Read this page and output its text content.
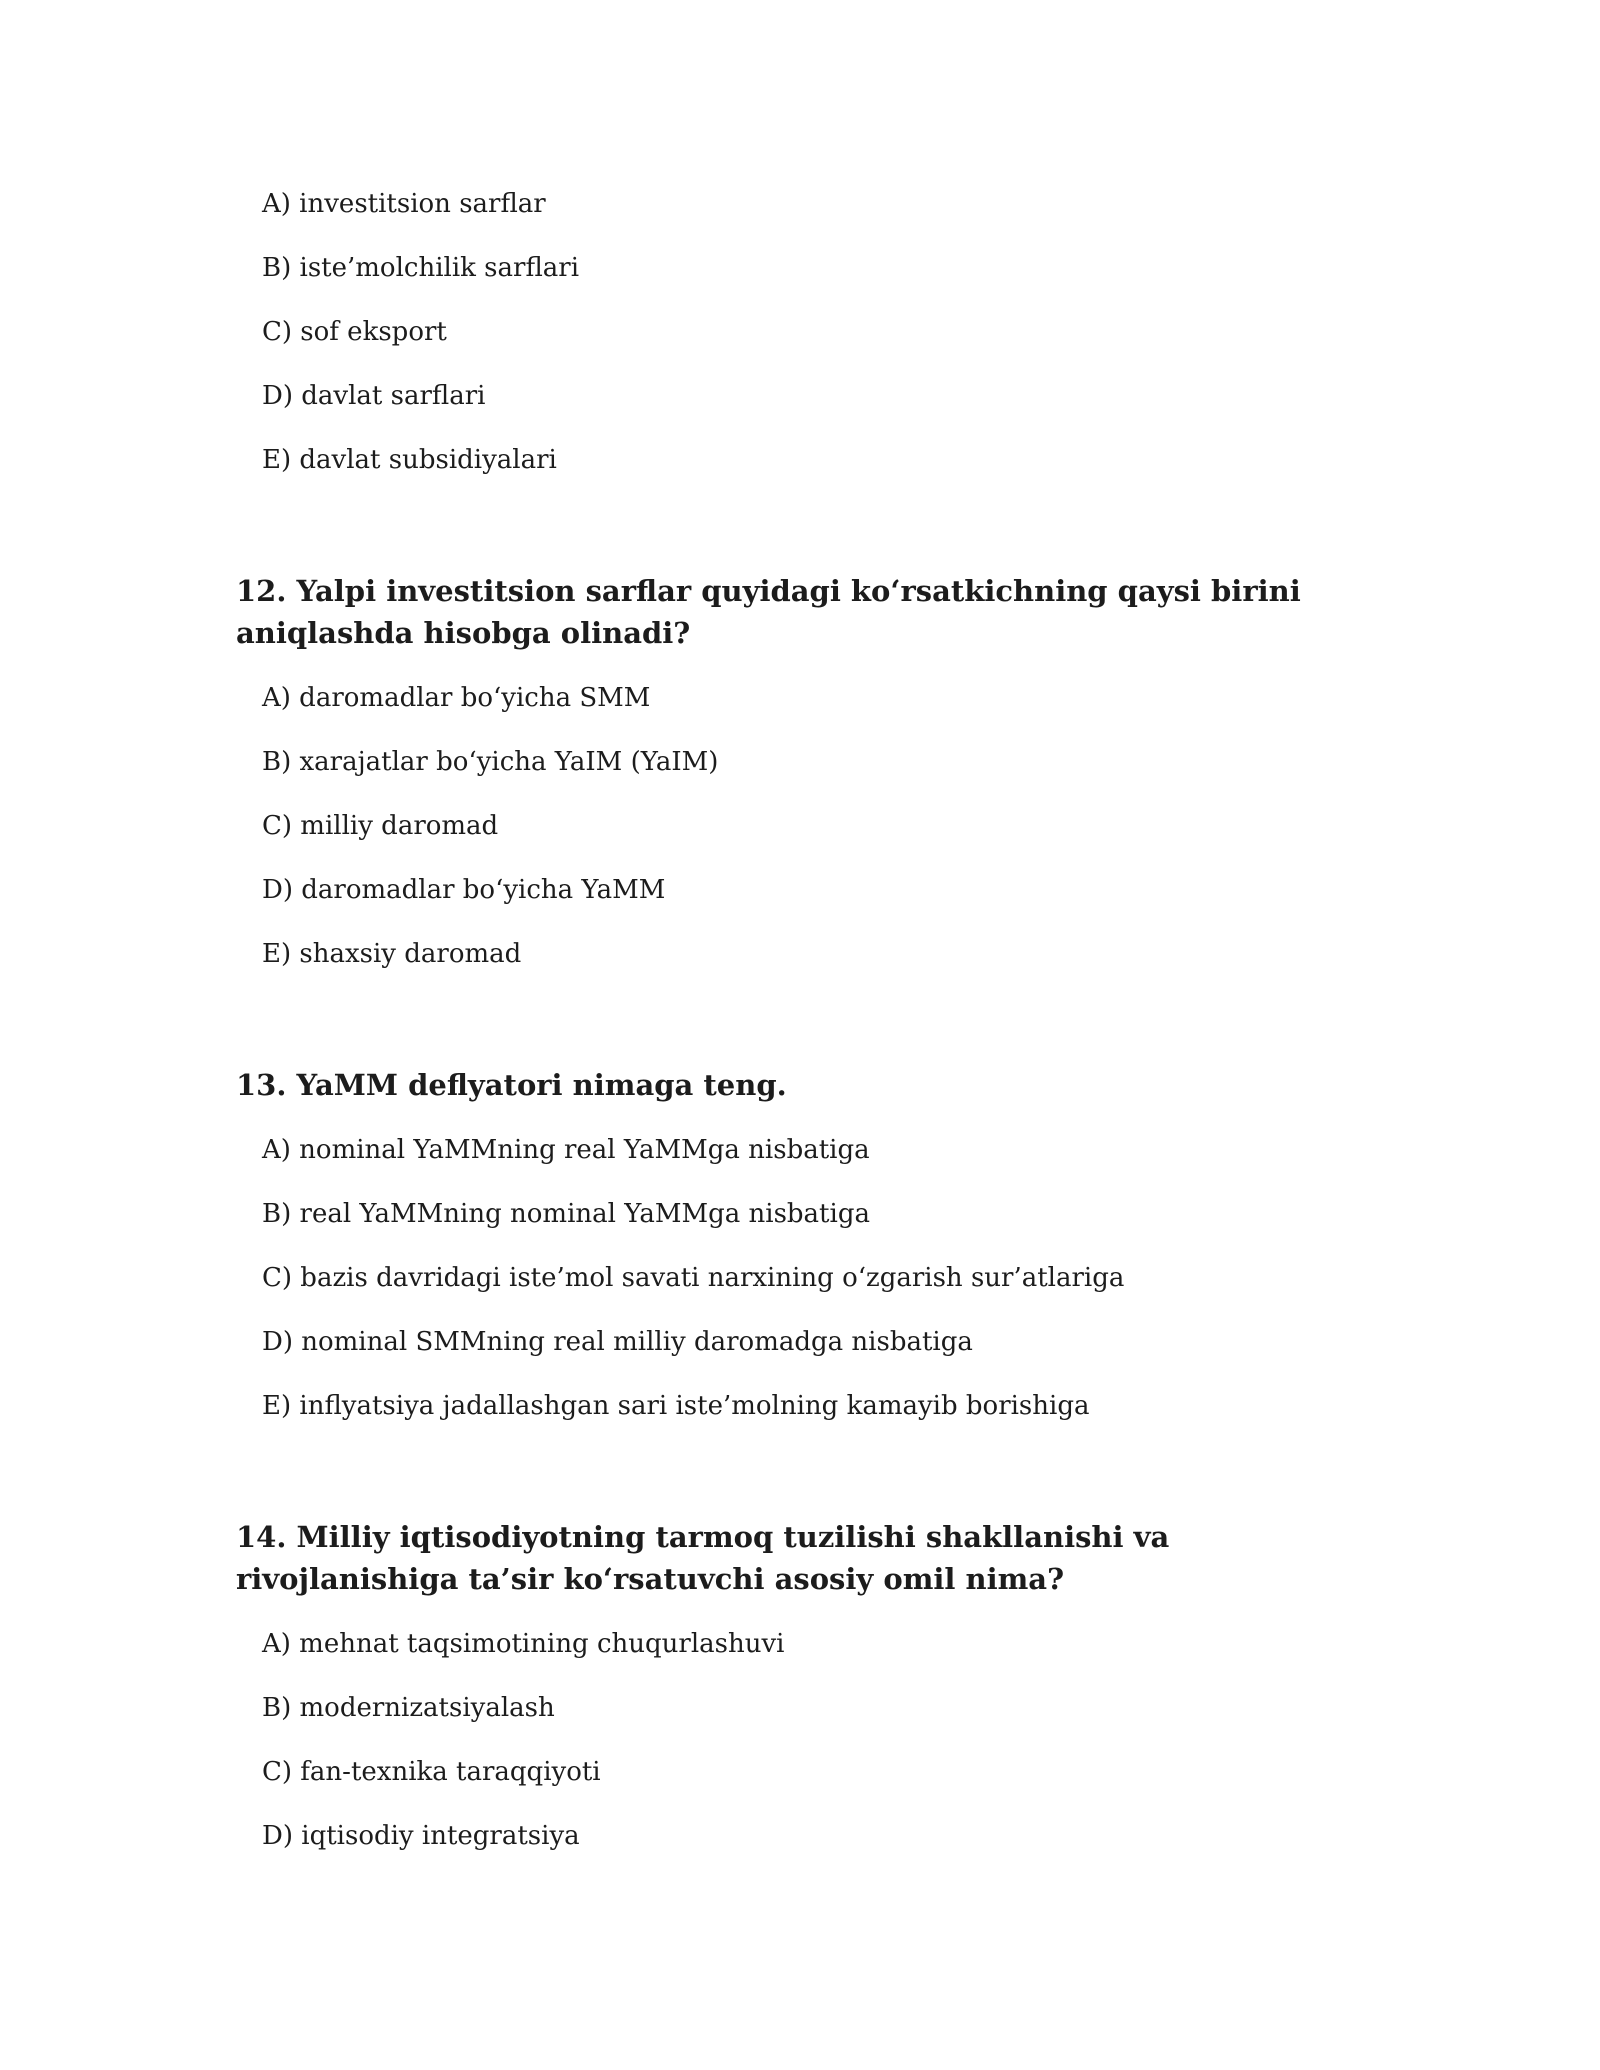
A) investitsion sarflar
B) iste’molchilik sarflari
C) sof eksport
D) davlat sarflari
E) davlat subsidiyalari
12. Yalpi investitsion sarflar quyidagi ko‘rsatkichning qaysi birini aniqlashda hisobga olinadi?
A) daromadlar bo‘yicha SMM
B) xarajatlar bo‘yicha YaIM (YaIM)
C) milliy daromad
D) daromadlar bo‘yicha YaMM
E) shaxsiy daromad
13. YaMM deflyatori nimaga teng.
A) nominal YaMMning real YaMMga nisbatiga
B) real YaMMning nominal YaMMga nisbatiga
C) bazis davridagi iste’mol savati narxining o‘zgarish sur’atlariga
D) nominal SMMning real milliy daromadga nisbatiga
E) inflyatsiya jadallashgan sari iste’molning kamayib borishiga
14. Milliy iqtisodiyotning tarmoq tuzilishi shakllanishi va rivojlanishiga ta’sir ko‘rsatuvchi asosiy omil nima?
A) mehnat taqsimotining chuqurlashuvi
B) modernizatsiyalash
C) fan-texnika taraqqiyoti
D) iqtisodiy integratsiya
